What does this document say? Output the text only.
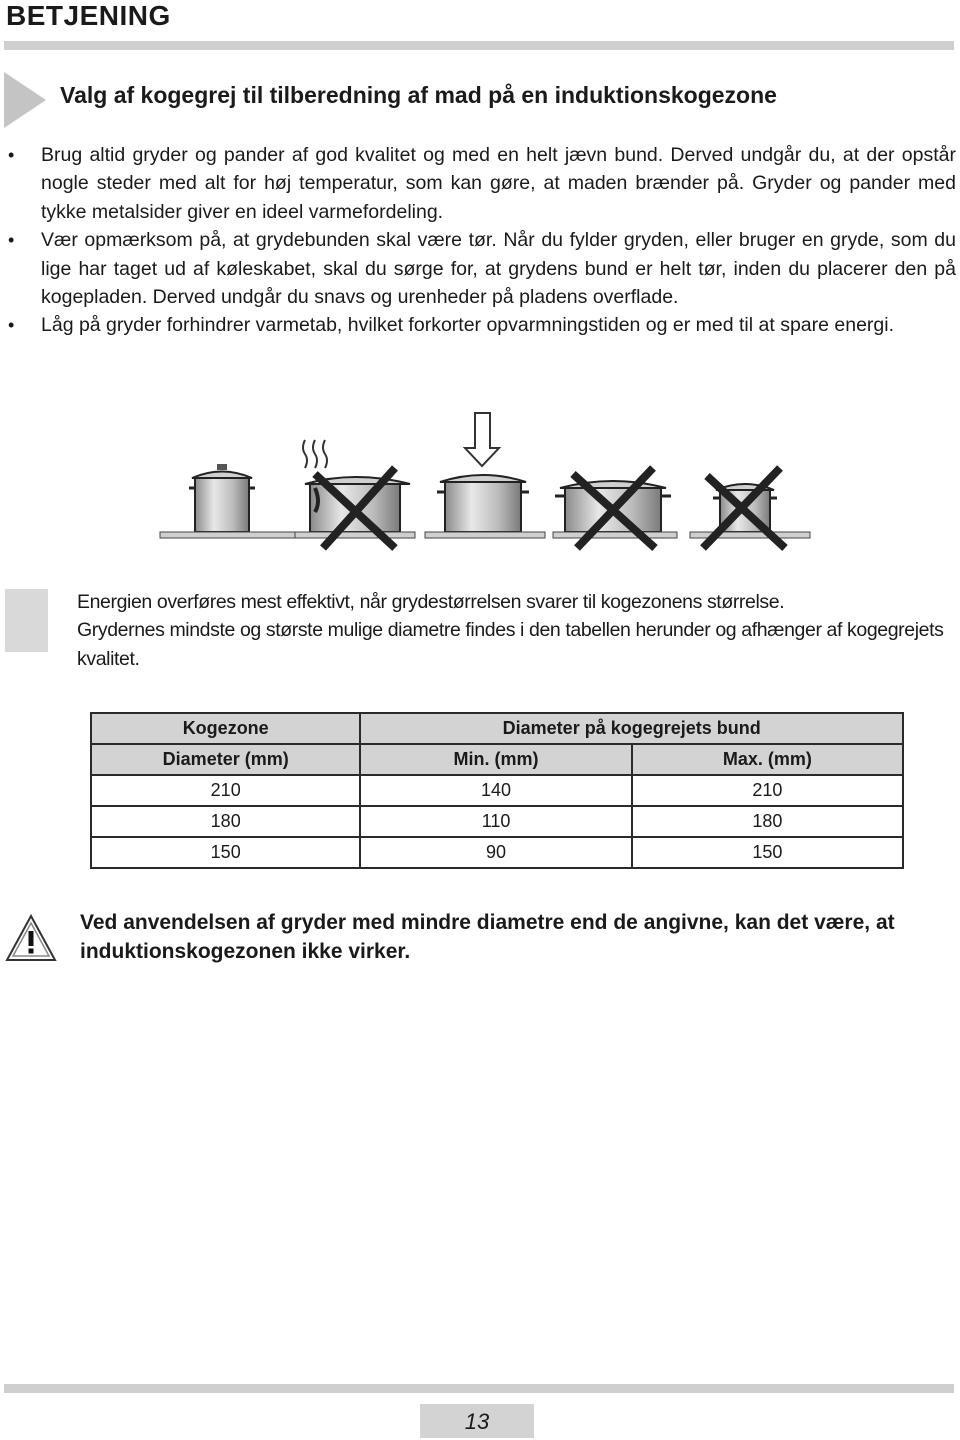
BETJENING
Valg af kogegrej til tilberedning af mad på en induktionskogezone
• Brug altid gryder og pander af god kvalitet og med en helt jævn bund. Derved undgår du, at der opstår nogle steder med alt for høj temperatur, som kan gøre, at maden brænder på. Gryder og pander med tykke metalsider giver en ideel varmefordeling.
• Vær opmærksom på, at grydebunden skal være tør. Når du fylder gryden, eller bruger en gryde, som du lige har taget ud af køleskabet, skal du sørge for, at grydens bund er helt tør, inden du placerer den på kogepladen. Derved undgår du snavs og urenheder på pladens overflade.
• Låg på gryder forhindrer varmetab, hvilket forkorter opvarmningstiden og er med til at spare energi.
Energien overføres mest effektivt, når grydestørrelsen svarer til kogezonens størrelse.
Grydernes mindste og største mulige diametre findes i den tabellen herunder og afhænger af kogegrejets kvalitet.
Kogezone	Diameter på kogegrejets bund	
Diameter (mm)	Min. (mm)	Max. (mm)
210	140	210
180	110	180
150	90	150
Ved anvendelsen af gryder med mindre diametre end de angivne, kan det være, at induktionskogezonen ikke virker.
13
